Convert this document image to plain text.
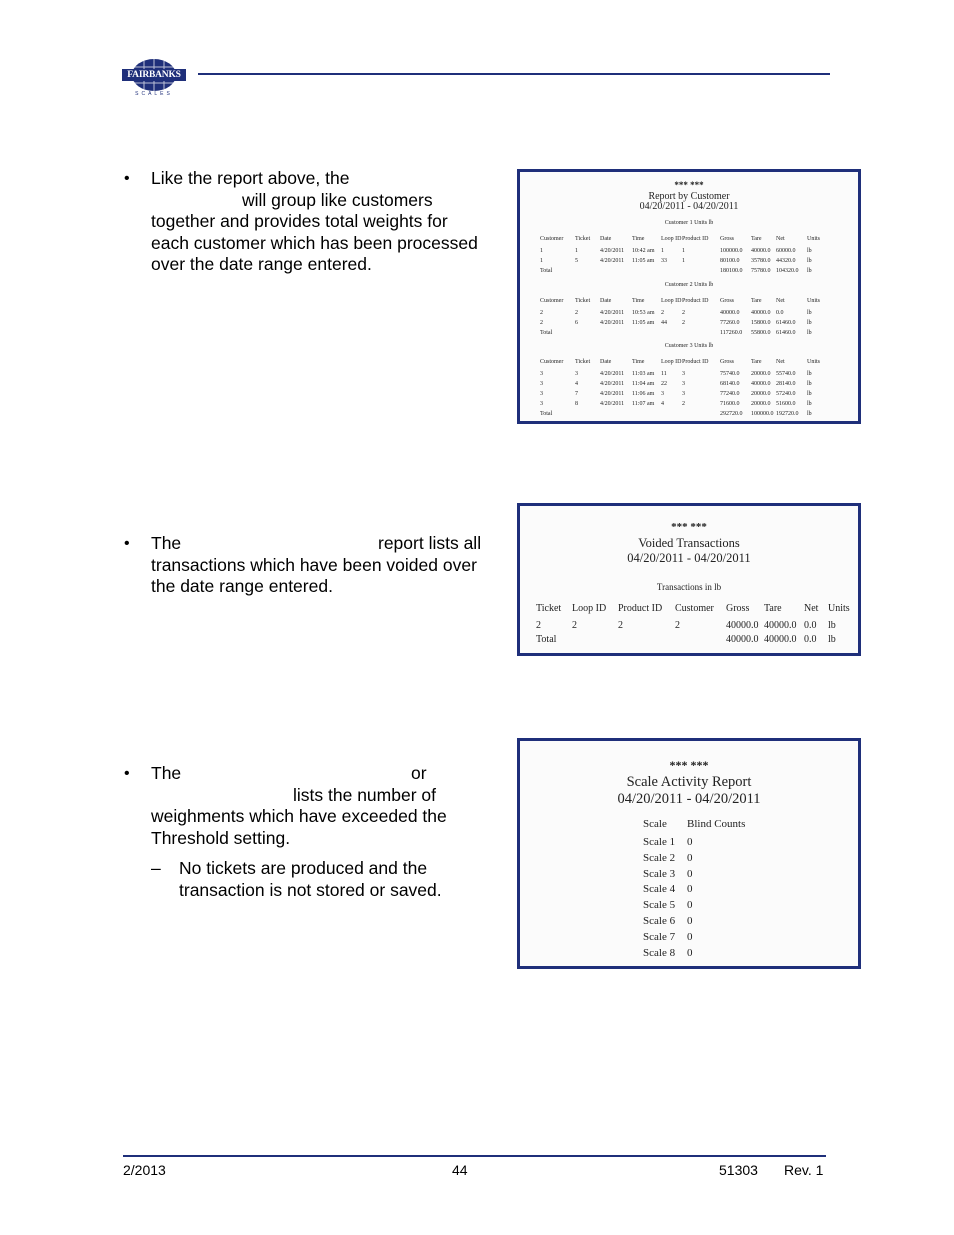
FAIRBANKS
SCALES
• Like the report above, the
will group like customers
together and provides total weights for
each customer which has been processed
over the date range entered.
*** ***
Report by Customer
04/20/2011 - 04/20/2011
Customer 1 Units lb
Customer	Ticket	Date	Time	Loop ID	Product ID	Gross	Tare	Net	Units
1	1	4/20/2011	10:42 am	1	1	100000.0	40000.0	60000.0	lb
1	5	4/20/2011	11:05 am	33	1	80100.0	35780.0	44320.0	lb
Total						180100.0	75780.0	104320.0	lb
Customer 2 Units lb
Customer	Ticket	Date	Time	Loop ID	Product ID	Gross	Tare	Net	Units
2	2	4/20/2011	10:53 am	2	2	40000.0	40000.0	0.0	lb
2	6	4/20/2011	11:05 am	44	2	77260.0	15800.0	61460.0	lb
Total						117260.0	55800.0	61460.0	lb
Customer 3 Units lb
Customer	Ticket	Date	Time	Loop ID	Product ID	Gross	Tare	Net	Units
3	3	4/20/2011	11:03 am	11	3	75740.0	20000.0	55740.0	lb
3	4	4/20/2011	11:04 am	22	3	68140.0	40000.0	28140.0	lb
3	7	4/20/2011	11:06 am	3	3	77240.0	20000.0	57240.0	lb
3	8	4/20/2011	11:07 am	4	2	71600.0	20000.0	51600.0	lb
Total						292720.0	100000.0	192720.0	lb
• The	report lists all
transactions which have been voided over
the date range entered.
*** ***
Voided Transactions
04/20/2011 - 04/20/2011
Transactions in lb
Ticket	Loop ID	Product ID	Customer	Gross	Tare	Net	Units
2	2	2	2	40000.0	40000.0	0.0	lb
Total				40000.0	40000.0	0.0	lb
• The	or
lists the number of
weighments which have exceeded the
Threshold setting.
– No tickets are produced and the
transaction is not stored or saved.
*** ***
Scale Activity Report
04/20/2011 - 04/20/2011
Scale	Blind Counts
Scale 1	0
Scale 2	0
Scale 3	0
Scale 4	0
Scale 5	0
Scale 6	0
Scale 7	0
Scale 8	0
2/2013	44	51303 Rev. 1
